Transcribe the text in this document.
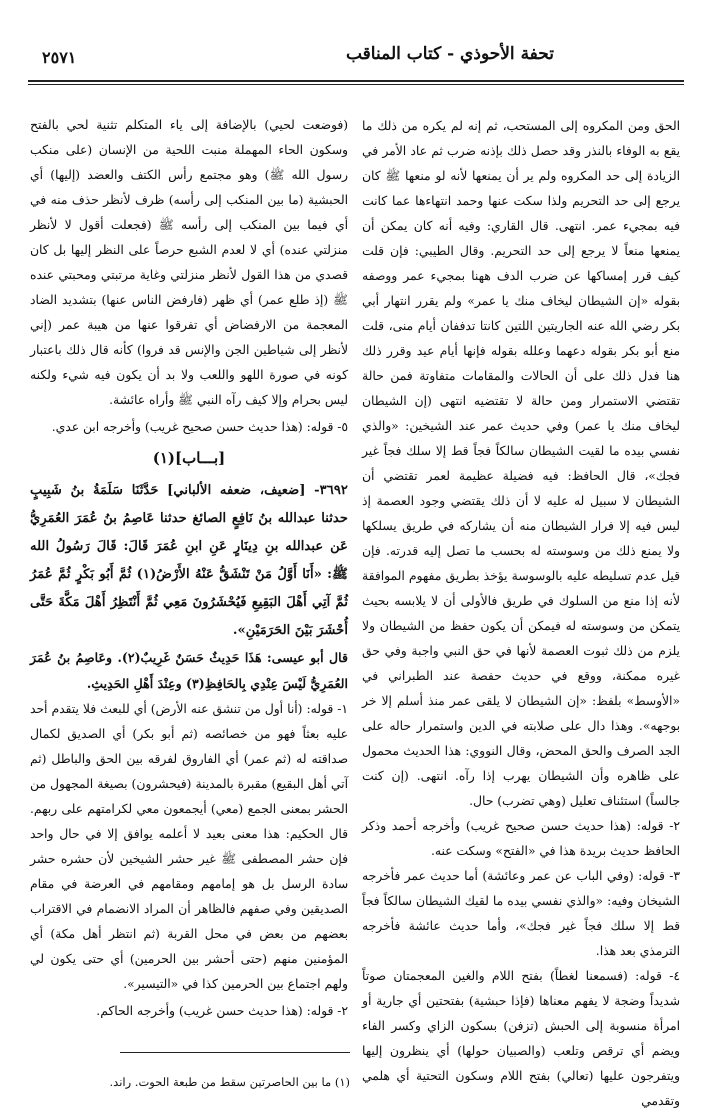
تحفة الأحوذي - كتاب المناقب
٢٥٧١

الحق ومن المكروه إلى المستحب، ثم إنه لم يكره من ذلك ما يقع به الوفاء بالنذر وقد حصل ذلك بإذنه ضرب ثم عاد الأمر في الزيادة إلى حد المكروه ولم ير أن يمنعها لأنه لو منعها ﷺ كان يرجع إلى حد التحريم ولذا سكت عنها وحمد انتهاءها عما كانت فيه بمجيء عمر. انتهى. قال القاري: وفيه أنه كان يمكن أن يمنعها منعاً لا يرجع إلى حد التحريم. وقال الطيبي: فإن قلت كيف قرر إمساكها عن ضرب الدف ههنا بمجيء عمر ووصفه بقوله «إن الشيطان ليخاف منك يا عمر» ولم يقرر انتهار أبي بكر رضي الله عنه الجاريتين اللتين كانتا تدففان أيام منى، قلت منع أبو بكر بقوله دعهما وعلله بقوله فإنها أيام عيد وقرر ذلك هنا فدل ذلك على أن الحالات والمقامات متفاوتة فمن حالة تقتضي الاستمرار ومن حالة لا تقتضيه انتهى (إن الشيطان ليخاف منك يا عمر) وفي حديث عمر عند الشيخين: «والذي نفسي بيده ما لقيت الشيطان سالكاً فجاً قط إلا سلك فجاً غير فجك»، قال الحافظ: فيه فضيلة عظيمة لعمر تقتضي أن الشيطان لا سبيل له عليه لا أن ذلك يقتضي وجود العصمة إذ ليس فيه إلا فرار الشيطان منه أن يشاركه في طريق يسلكها ولا يمنع ذلك من وسوسته له بحسب ما تصل إليه قدرته. فإن قيل عدم تسليطه عليه بالوسوسة يؤخذ بطريق مفهوم الموافقة لأنه إذا منع من السلوك في طريق فالأولى أن لا يلابسه بحيث يتمكن من وسوسته له فيمكن أن يكون حفظ من الشيطان ولا يلزم من ذلك ثبوت العصمة لأنها في حق النبي واجبة وفي حق غيره ممكنة، ووقع في حديث حفصة عند الطبراني في «الأوسط» بلفظ: «إن الشيطان لا يلقى عمر منذ أسلم إلا خر بوجهه». وهذا دال على صلابته في الدين واستمرار حاله على الجد الصرف والحق المحض، وقال النووي: هذا الحديث محمول على ظاهره وأن الشيطان يهرب إذا رآه. انتهى. (إن كنت جالساً) استئناف تعليل (وهي تضرب) حال.

٢- قوله: (هذا حديث حسن صحيح غريب) وأخرجه أحمد وذكر الحافظ حديث بريدة هذا في «الفتح» وسكت عنه.

٣- قوله: (وفي الباب عن عمر وعائشة) أما حديث عمر فأخرجه الشيخان وفيه: «والذي نفسي بيده ما لقيك الشيطان سالكاً فجاً قط إلا سلك فجاً غير فجك»، وأما حديث عائشة فأخرجه الترمذي بعد هذا.

٤- قوله: (فسمعنا لغطاً) بفتح اللام والغين المعجمتان صوتاً شديداً وضجة لا يفهم معناها (فإذا حبشية) بفتحتين أي جارية أو امرأة منسوبة إلى الحبش (تزفن) بسكون الزاي وكسر الفاء ويضم أي ترقص وتلعب (والصبيان حولها) أي ينظرون إليها ويتفرجون عليها (تعالي) بفتح اللام وسكون التحتية أي هلمي وتقدمي

(فوضعت لحيي) بالإضافة إلى ياء المتكلم تثنية لحي بالفتح وسكون الحاء المهملة منبت اللحية من الإنسان (على منكب رسول الله ﷺ) وهو مجتمع رأس الكتف والعضد (إليها) أي الحبشية (ما بين المنكب إلى رأسه) ظرف لأنظر حذف منه في أي فيما بين المنكب إلى رأسه ﷺ (فجعلت أقول لا لأنظر منزلتي عنده) أي لا لعدم الشبع حرصاً على النظر إليها بل كان قصدي من هذا القول لأنظر منزلتي وغاية مرتبتي ومحبتي عنده ﷺ (إذ طلع عمر) أي ظهر (فارفض الناس عنها) بتشديد الضاد المعجمة من الارفضاض أي تفرقوا عنها من هيبة عمر (إني لأنظر إلى شياطين الجن والإنس قد فروا) كأنه قال ذلك باعتبار كونه في صورة اللهو واللعب ولا بد أن يكون فيه شيء ولكنه ليس بحرام وإلا كيف رآه النبي ﷺ وأراه عائشة.

٥- قوله: (هذا حديث حسن صحيح غريب) وأخرجه ابن عدي.

[بـــاب](١)

٣٦٩٢- [ضعيف، ضعفه الألباني] حَدَّثَنَا سَلَمَةُ بنُ شَبِيبٍ حدثنا عبدالله بنُ نَافِعٍ الصائغ حدثنا عَاصِمُ بنُ عُمَرَ العُمَرِيُّ عَن عبدالله بنِ دِينَارٍ عَنِ ابنِ عُمَرَ قَالَ: قَالَ رَسُولُ الله ﷺ: «أَنَا أَوَّلُ مَنْ تَنْشَقُّ عَنْهُ الأَرْضُ(١) ثُمَّ أَبُو بَكْرٍ ثُمَّ عُمَرُ ثُمَّ آتِي أَهْلَ البَقِيعِ فَيُحْشَرُونَ مَعِي ثُمَّ أَنْتَظِرُ أَهْلَ مَكَّةَ حَتَّى أُحْشَرَ بَيْنَ الحَرَمَيْنِ».

قال أبو عيسى: هَذَا حَدِيثٌ حَسَنٌ غَرِيبٌ(٢). وعَاصِمُ بنُ عُمَرَ العُمَرِيُّ لَيْسَ عِنْدِي بِالحَافِظِ(٣) وعِنْدَ أَهْلِ الحَدِيثِ.

١- قوله: (أنا أول من تنشق عنه الأرض) أي للبعث فلا يتقدم أحد عليه بعثاً فهو من خصائصه (ثم أبو بكر) أي الصديق لكمال صداقته له (ثم عمر) أي الفاروق لفرقه بين الحق والباطل (ثم آتي أهل البقيع) مقبرة بالمدينة (فيحشرون) بصيغة المجهول من الحشر بمعنى الجمع (معي) أيجمعون معي لكرامتهم على ربهم. قال الحكيم: هذا معنى بعيد لا أعلمه يوافق إلا في حال واحد فإن حشر المصطفى ﷺ غير حشر الشيخين لأن حشره حشر سادة الرسل بل هو إمامهم ومقامهم في العرضة في مقام الصديقين وفي صفهم فالظاهر أن المراد الانضمام في الاقتراب بعضهم من بعض في محل القربة (ثم انتظر أهل مكة) أي المؤمنين منهم (حتى أحشر بين الحرمين) أي حتى يكون لي ولهم اجتماع بين الحرمين كذا في «التيسير».

٢- قوله: (هذا حديث حسن غريب) وأخرجه الحاكم.

(١) ما بين الحاصرتين سقط من طبعة الحوت. راند.
